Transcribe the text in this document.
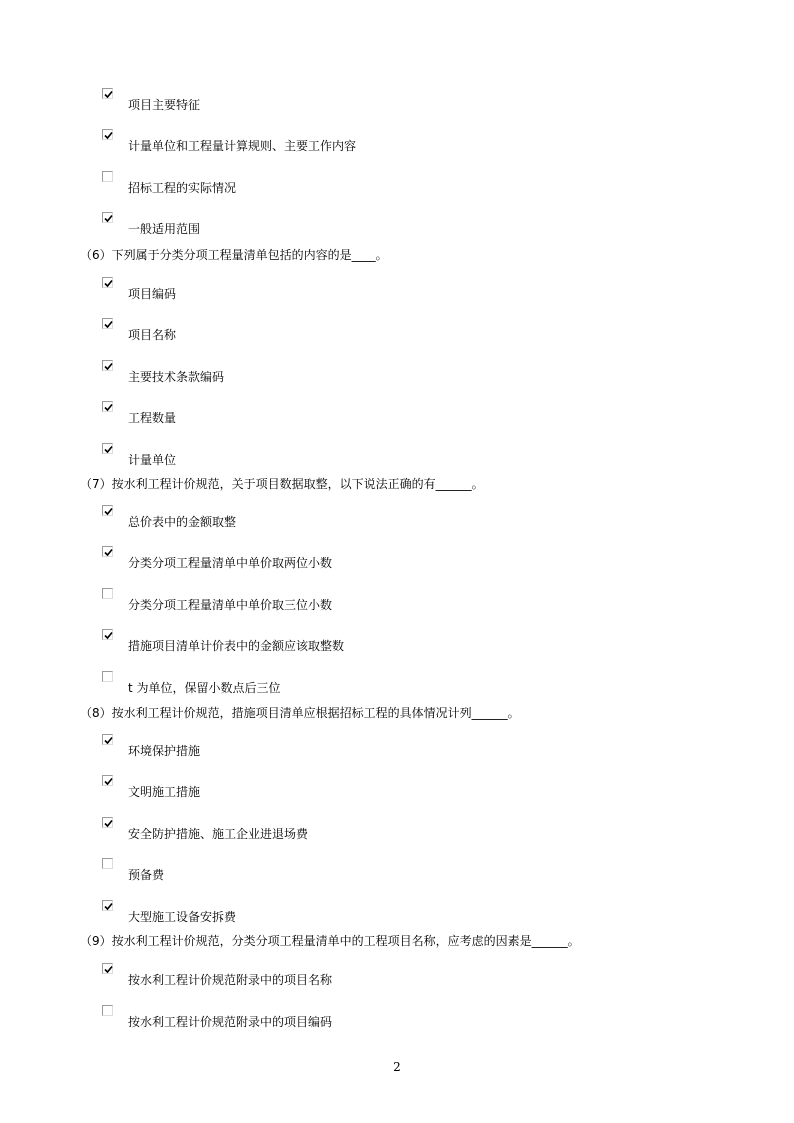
项目主要特征
计量单位和工程量计算规则、主要工作内容
招标工程的实际情况
一般适用范围
（6）下列属于分类分项工程量清单包括的内容的是____。
项目编码
项目名称
主要技术条款编码
工程数量
计量单位
（7）按水利工程计价规范，关于项目数据取整，以下说法正确的有______。
总价表中的金额取整
分类分项工程量清单中单价取两位小数
分类分项工程量清单中单价取三位小数
措施项目清单计价表中的金额应该取整数
t 为单位，保留小数点后三位
（8）按水利工程计价规范，措施项目清单应根据招标工程的具体情况计列______。
环境保护措施
文明施工措施
安全防护措施、施工企业进退场费
预备费
大型施工设备安拆费
（9）按水利工程计价规范，分类分项工程量清单中的工程项目名称，应考虑的因素是______。
按水利工程计价规范附录中的项目名称
按水利工程计价规范附录中的项目编码
2
